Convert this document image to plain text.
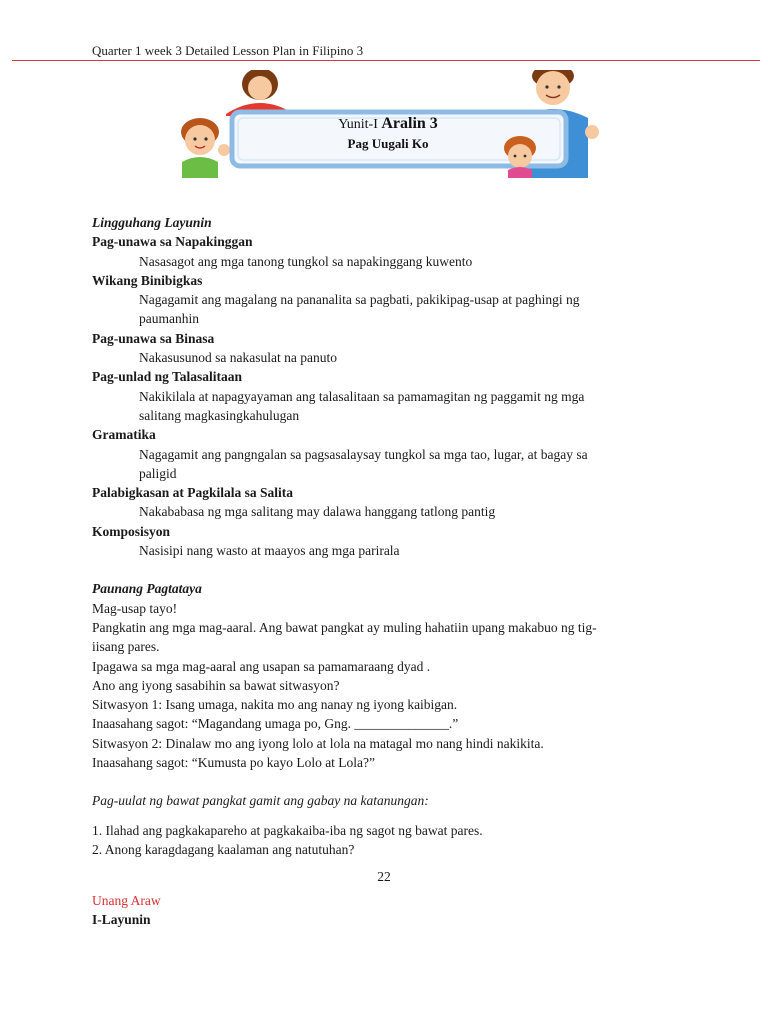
Quarter 1 week 3 Detailed Lesson Plan in Filipino 3
Yunit-I Aralin 3
Pag Uugali Ko
Lingguhang Layunin
Pag-unawa sa Napakinggan
Nasasagot ang mga tanong tungkol sa napakinggang kuwento
Wikang Binibigkas
Nagagamit ang magalang na pananalita sa pagbati, pakikipag-usap at paghingi ng
paumanhin
Pag-unawa sa Binasa
Nakasusunod sa nakasulat na panuto
Pag-unlad ng Talasalitaan
Nakikilala at napagyayaman ang talasalitaan sa pamamagitan ng paggamit ng mga
salitang magkasingkahulugan
Gramatika
Nagagamit ang pangngalan sa pagsasalaysay tungkol sa mga tao, lugar, at bagay sa
paligid
Palabigkasan at Pagkilala sa Salita
Nakababasa ng mga salitang may dalawa hanggang tatlong pantig
Komposisyon
Nasisipi nang wasto at maayos ang mga parirala
Paunang Pagtataya
Mag-usap tayo!
Pangkatin ang mga mag-aaral. Ang bawat pangkat ay muling hahatiin upang makabuo ng tig-
iisang pares.
Ipagawa sa mga mag-aaral ang usapan sa pamamaraang dyad .
Ano ang iyong sasabihin sa bawat sitwasyon?
Sitwasyon 1: Isang umaga, nakita mo ang nanay ng iyong kaibigan.
Inaasahang sagot: “Magandang umaga po, Gng. ______________.”
Sitwasyon 2: Dinalaw mo ang iyong lolo at lola na matagal mo nang hindi nakikita.
Inaasahang sagot: “Kumusta po kayo Lolo at Lola?”
Pag-uulat ng bawat pangkat gamit ang gabay na katanungan:
1. Ilahad ang pagkakapareho at pagkakaiba-iba ng sagot ng bawat pares.
2. Anong karagdagang kaalaman ang natutuhan?
22
Unang Araw
I-Layunin
